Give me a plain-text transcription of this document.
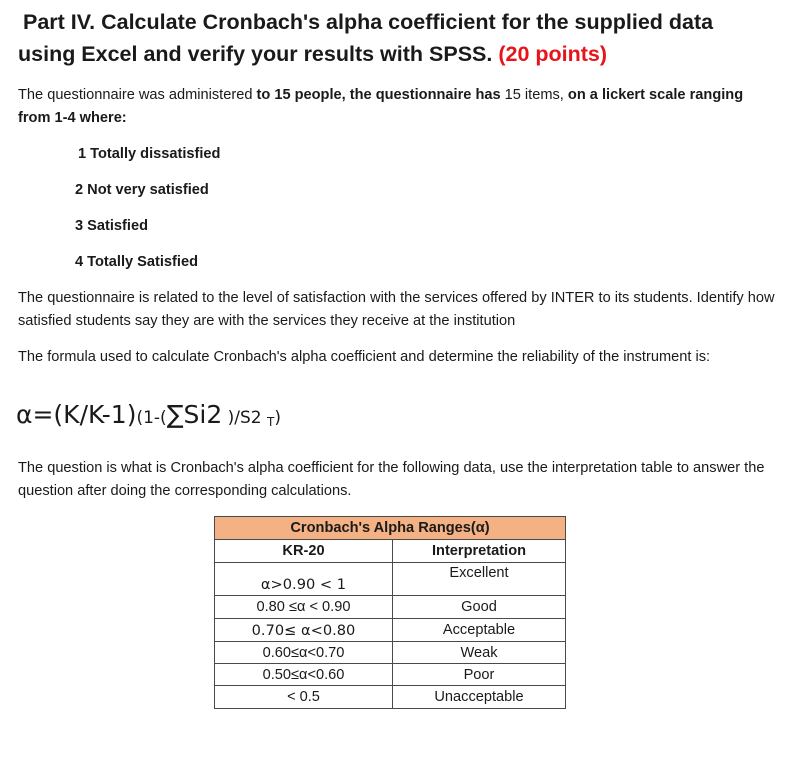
Part IV. Calculate Cronbach's alpha coefficient for the supplied data
using Excel and verify your results with SPSS. (20 points)
The questionnaire was administered to 15 people, the questionnaire has 15 items, on a lickert scale ranging from 1-4 where:
1 Totally dissatisfied
2 Not very satisfied
3 Satisfied
4 Totally Satisfied
The questionnaire is related to the level of satisfaction with the services offered by INTER to its students. Identify how satisfied students say they are with the services they receive at the institution
The formula used to calculate Cronbach's alpha coefficient and determine the reliability of the instrument is:
α=(K/K-1)(1-(∑Si2 )/S2 $_T$)
The question is what is Cronbach's alpha coefficient for the following data, use the interpretation table to answer the question after doing the corresponding calculations.
Cronbach's Alpha Ranges(α)	
KR-20	Interpretation
α>0.90 < 1	Excellent
0.80 ≤α < 0.90	Good
0.70≤ α<0.80	Acceptable
0.60≤α<0.70	Weak
0.50≤α<0.60	Poor
< 0.5	Unacceptable
